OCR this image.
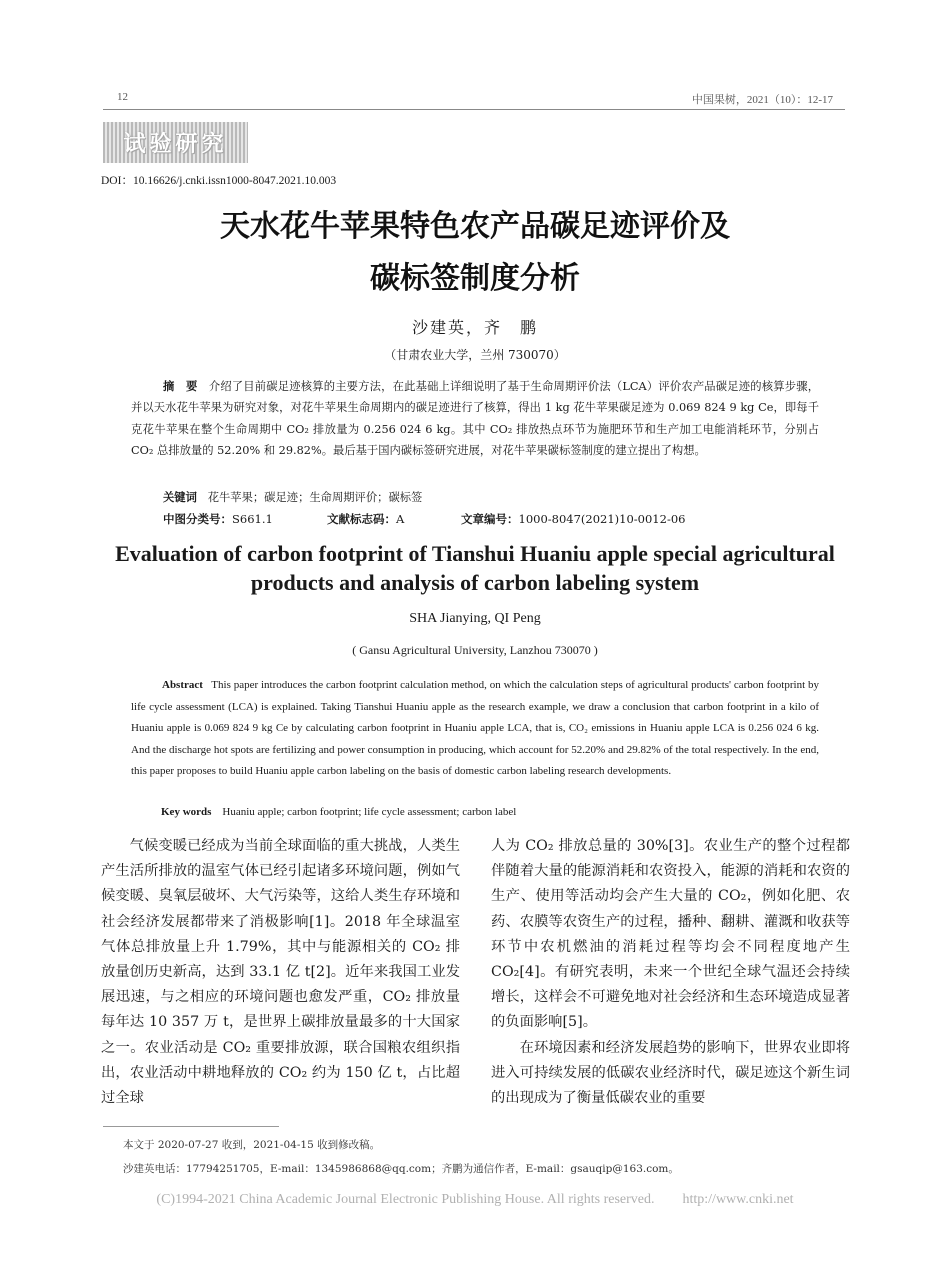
12	中国果树，2021（10）：12-17
试验研究
DOI：10.16626/j.cnki.issn1000-8047.2021.10.003
天水花牛苹果特色农产品碳足迹评价及
碳标签制度分析
沙建英，齐　鹏
（甘肃农业大学，兰州 730070）
摘　要 介绍了目前碳足迹核算的主要方法，在此基础上详细说明了基于生命周期评价法（LCA）评价农产品碳足迹的核算步骤，并以天水花牛苹果为研究对象，对花牛苹果生命周期内的碳足迹进行了核算，得出 1 kg 花牛苹果碳足迹为 0.069 824 9 kg Ce，即每千克花牛苹果在整个生命周期中 CO₂ 排放量为 0.256 024 6 kg。其中 CO₂ 排放热点环节为施肥环节和生产加工电能消耗环节，分别占 CO₂ 总排放量的 52.20% 和 29.82%。最后基于国内碳标签研究进展，对花牛苹果碳标签制度的建立提出了构想。
关键词 花牛苹果；碳足迹；生命周期评价；碳标签
中图分类号：S661.1	文献标志码：A	文章编号：1000-8047(2021)10-0012-06
Evaluation of carbon footprint of Tianshui Huaniu apple special agricultural
products and analysis of carbon labeling system
SHA Jianying, QI Peng
( Gansu Agricultural University, Lanzhou 730070 )
Abstract This paper introduces the carbon footprint calculation method, on which the calculation steps of agricultural products' carbon footprint by life cycle assessment (LCA) is explained. Taking Tianshui Huaniu apple as the research example, we draw a conclusion that carbon footprint in a kilo of Huaniu apple is 0.069 824 9 kg Ce by calculating carbon footprint in Huaniu apple LCA, that is, CO₂ emissions in Huaniu apple LCA is 0.256 024 6 kg. And the discharge hot spots are fertilizing and power consumption in producing, which account for 52.20% and 29.82% of the total respectively. In the end, this paper proposes to build Huaniu apple carbon labeling on the basis of domestic carbon labeling research developments.
Key words Huaniu apple; carbon footprint; life cycle assessment; carbon label

气候变暖已经成为当前全球面临的重大挑战，人类生产生活所排放的温室气体已经引起诸多环境问题，例如气候变暖、臭氧层破坏、大气污染等，这给人类生存环境和社会经济发展都带来了消极影响[1]。2018 年全球温室气体总排放量上升 1.79%，其中与能源相关的 CO₂ 排放量创历史新高，达到 33.1 亿 t[2]。近年来我国工业发展迅速，与之相应的环境问题也愈发严重，CO₂ 排放量每年达 10 357 万 t，是世界上碳排放量最多的十大国家之一。农业活动是 CO₂ 重要排放源，联合国粮农组织指出，农业活动中耕地释放的 CO₂ 约为 150 亿 t，占比超过全球

人为 CO₂ 排放总量的 30%[3]。农业生产的整个过程都伴随着大量的能源消耗和农资投入，能源的消耗和农资的生产、使用等活动均会产生大量的 CO₂，例如化肥、农药、农膜等农资生产的过程，播种、翻耕、灌溉和收获等环节中农机燃油的消耗过程等均会不同程度地产生 CO₂[4]。有研究表明，未来一个世纪全球气温还会持续增长，这样会不可避免地对社会经济和生态环境造成显著的负面影响[5]。

在环境因素和经济发展趋势的影响下，世界农业即将进入可持续发展的低碳农业经济时代，碳足迹这个新生词的出现成为了衡量低碳农业的重要

本文于 2020-07-27 收到，2021-04-15 收到修改稿。
沙建英电话：17794251705，E-mail：1345986868@qq.com；齐鹏为通信作者，E-mail：gsauqip@163.com。
(C)1994-2021 China Academic Journal Electronic Publishing House. All rights reserved.　　http://www.cnki.net
